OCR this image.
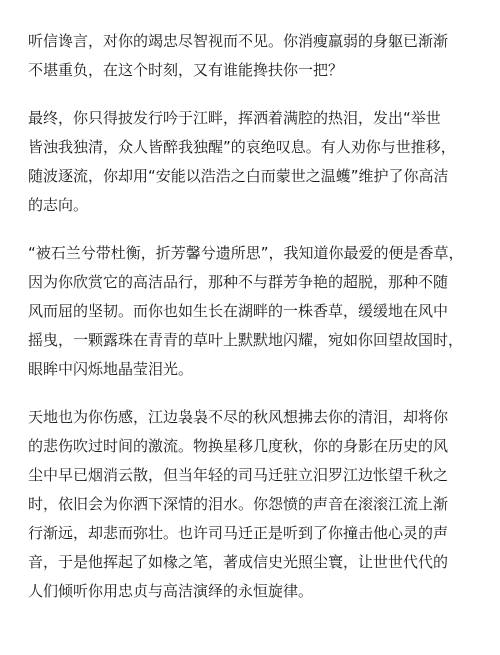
听信谗言，对你的竭忠尽智视而不见。你消瘦羸弱的身躯已渐渐
不堪重负，在这个时刻，又有谁能搀扶你一把？

最终，你只得披发行吟于江畔，挥洒着满腔的热泪，发出“举世
皆浊我独清，众人皆醉我独醒”的哀绝叹息。有人劝你与世推移，
随波逐流，你却用“安能以浩浩之白而蒙世之温蠖”维护了你高洁
的志向。

“被石兰兮带杜衡，折芳馨兮遗所思”，我知道你最爱的便是香草，
因为你欣赏它的高洁品行，那种不与群芳争艳的超脱，那种不随
风而屈的坚韧。而你也如生长在湖畔的一株香草，缓缓地在风中
摇曳，一颗露珠在青青的草叶上默默地闪耀，宛如你回望故国时，
眼眸中闪烁地晶莹泪光。

天地也为你伤感，江边袅袅不尽的秋风想拂去你的清泪，却将你
的悲伤吹过时间的激流。物换星移几度秋，你的身影在历史的风
尘中早已烟消云散，但当年轻的司马迁驻立汨罗江边怅望千秋之
时，依旧会为你洒下深情的泪水。你怨愤的声音在滚滚江流上渐
行渐远，却悲而弥壮。也许司马迁正是听到了你撞击他心灵的声
音，于是他挥起了如椽之笔，著成信史光照尘寰，让世世代代的
人们倾听你用忠贞与高洁演绎的永恒旋律。
